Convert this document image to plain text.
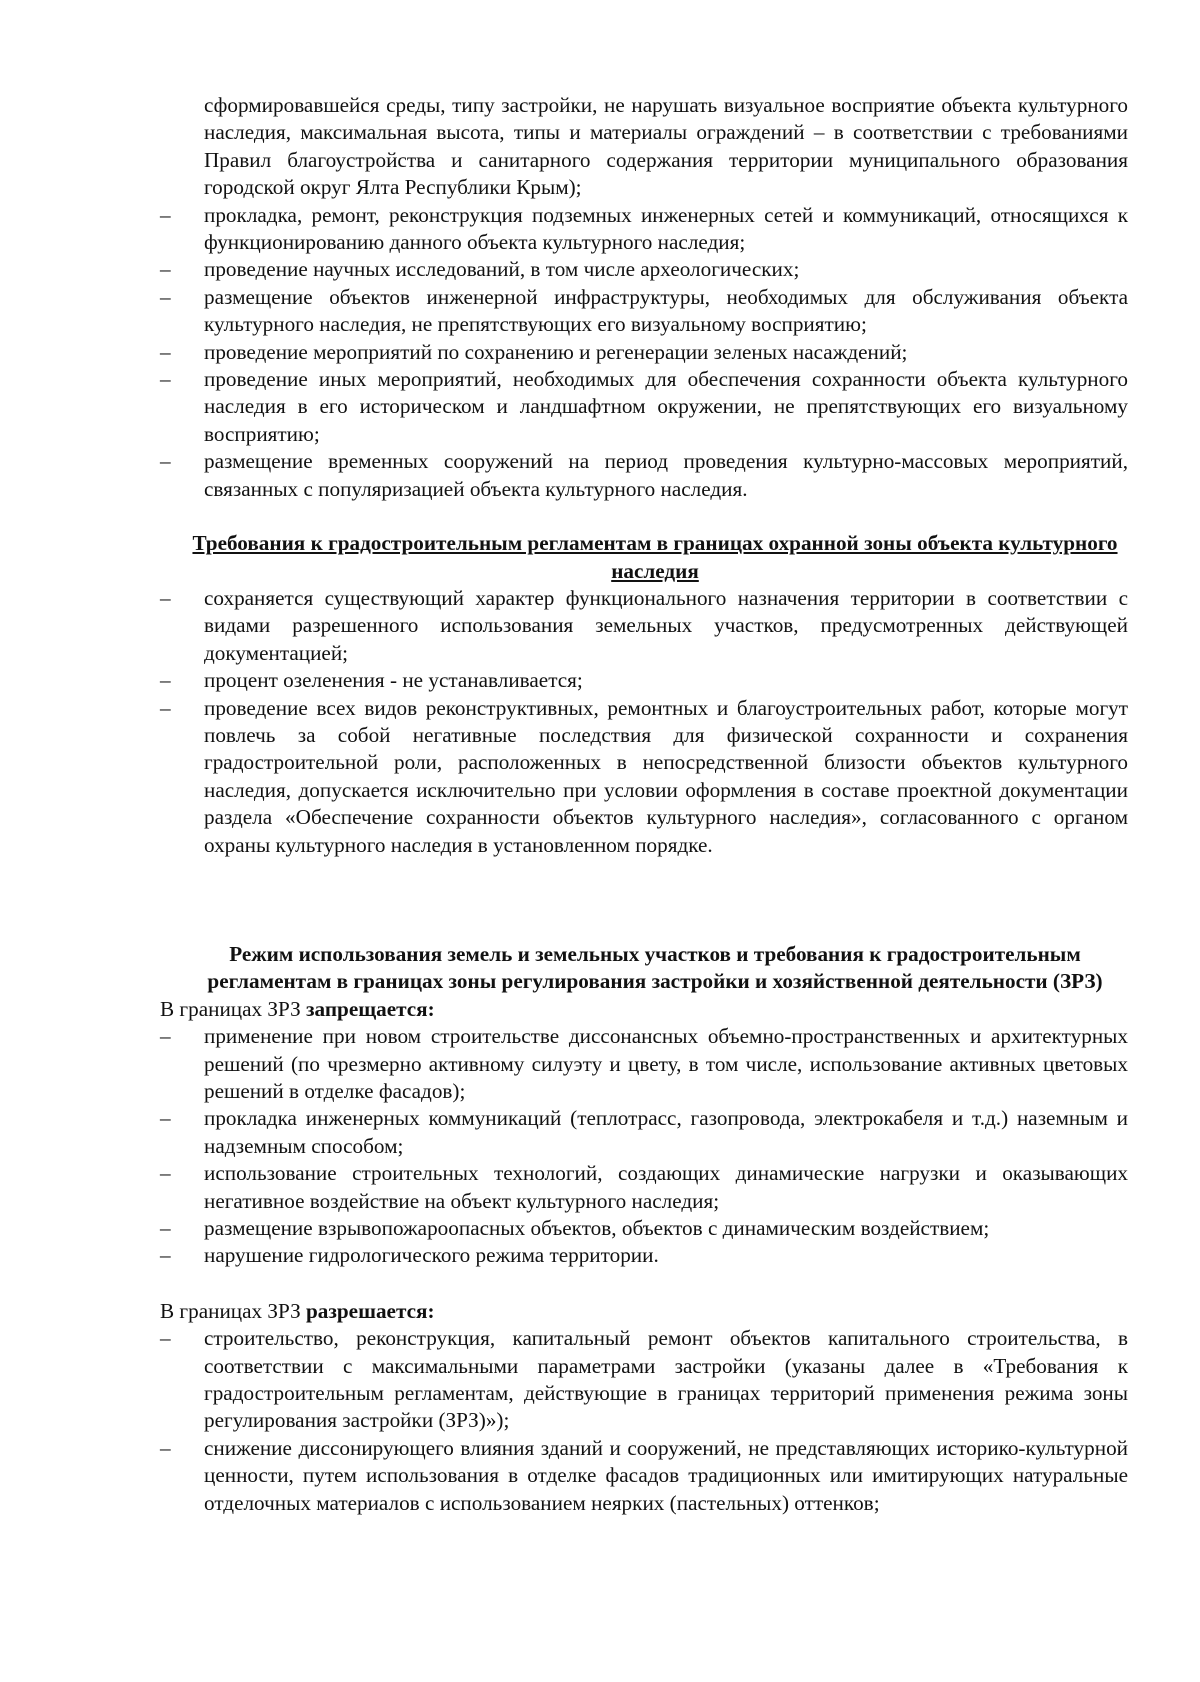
сформировавшейся среды, типу застройки, не нарушать визуальное восприятие объекта культурного наследия, максимальная высота, типы и материалы ограждений – в соответствии с требованиями Правил благоустройства и санитарного содержания территории муниципального образования городской округ Ялта Республики Крым);

– прокладка, ремонт, реконструкция подземных инженерных сетей и коммуникаций, относящихся к функционированию данного объекта культурного наследия;
– проведение научных исследований, в том числе археологических;
– размещение объектов инженерной инфраструктуры, необходимых для обслуживания объекта культурного наследия, не препятствующих его визуальному восприятию;
– проведение мероприятий по сохранению и регенерации зеленых насаждений;
– проведение иных мероприятий, необходимых для обеспечения сохранности объекта культурного наследия в его историческом и ландшафтном окружении, не препятствующих его визуальному восприятию;
– размещение временных сооружений на период проведения культурно-массовых мероприятий, связанных с популяризацией объекта культурного наследия.

Требования к градостроительным регламентам в границах охранной зоны объекта культурного наследия

– сохраняется существующий характер функционального назначения территории в соответствии с видами разрешенного использования земельных участков, предусмотренных действующей документацией;
– процент озеленения - не устанавливается;
– проведение всех видов реконструктивных, ремонтных и благоустроительных работ, которые могут повлечь за собой негативные последствия для физической сохранности и сохранения градостроительной роли, расположенных в непосредственной близости объектов культурного наследия, допускается исключительно при условии оформления в составе проектной документации раздела «Обеспечение сохранности объектов культурного наследия», согласованного с органом охраны культурного наследия в установленном порядке.

Режим использования земель и земельных участков и требования к градостроительным регламентам в границах зоны регулирования застройки и хозяйственной деятельности (ЗРЗ)

В границах ЗРЗ запрещается:

– применение при новом строительстве диссонансных объемно-пространственных и архитектурных решений (по чрезмерно активному силуэту и цвету, в том числе, использование активных цветовых решений в отделке фасадов);
– прокладка инженерных коммуникаций (теплотрасс, газопровода, электрокабеля и т.д.) наземным и надземным способом;
– использование строительных технологий, создающих динамические нагрузки и оказывающих негативное воздействие на объект культурного наследия;
– размещение взрывопожароопасных объектов, объектов с динамическим воздействием;
– нарушение гидрологического режима территории.

В границах ЗРЗ разрешается:

– строительство, реконструкция, капитальный ремонт объектов капитального строительства, в соответствии с максимальными параметрами застройки (указаны далее в «Требования к градостроительным регламентам, действующие в границах территорий применения режима зоны регулирования застройки (ЗРЗ)»);
– снижение диссонирующего влияния зданий и сооружений, не представляющих историко-культурной ценности, путем использования в отделке фасадов традиционных или имитирующих натуральные отделочных материалов с использованием неярких (пастельных) оттенков;
